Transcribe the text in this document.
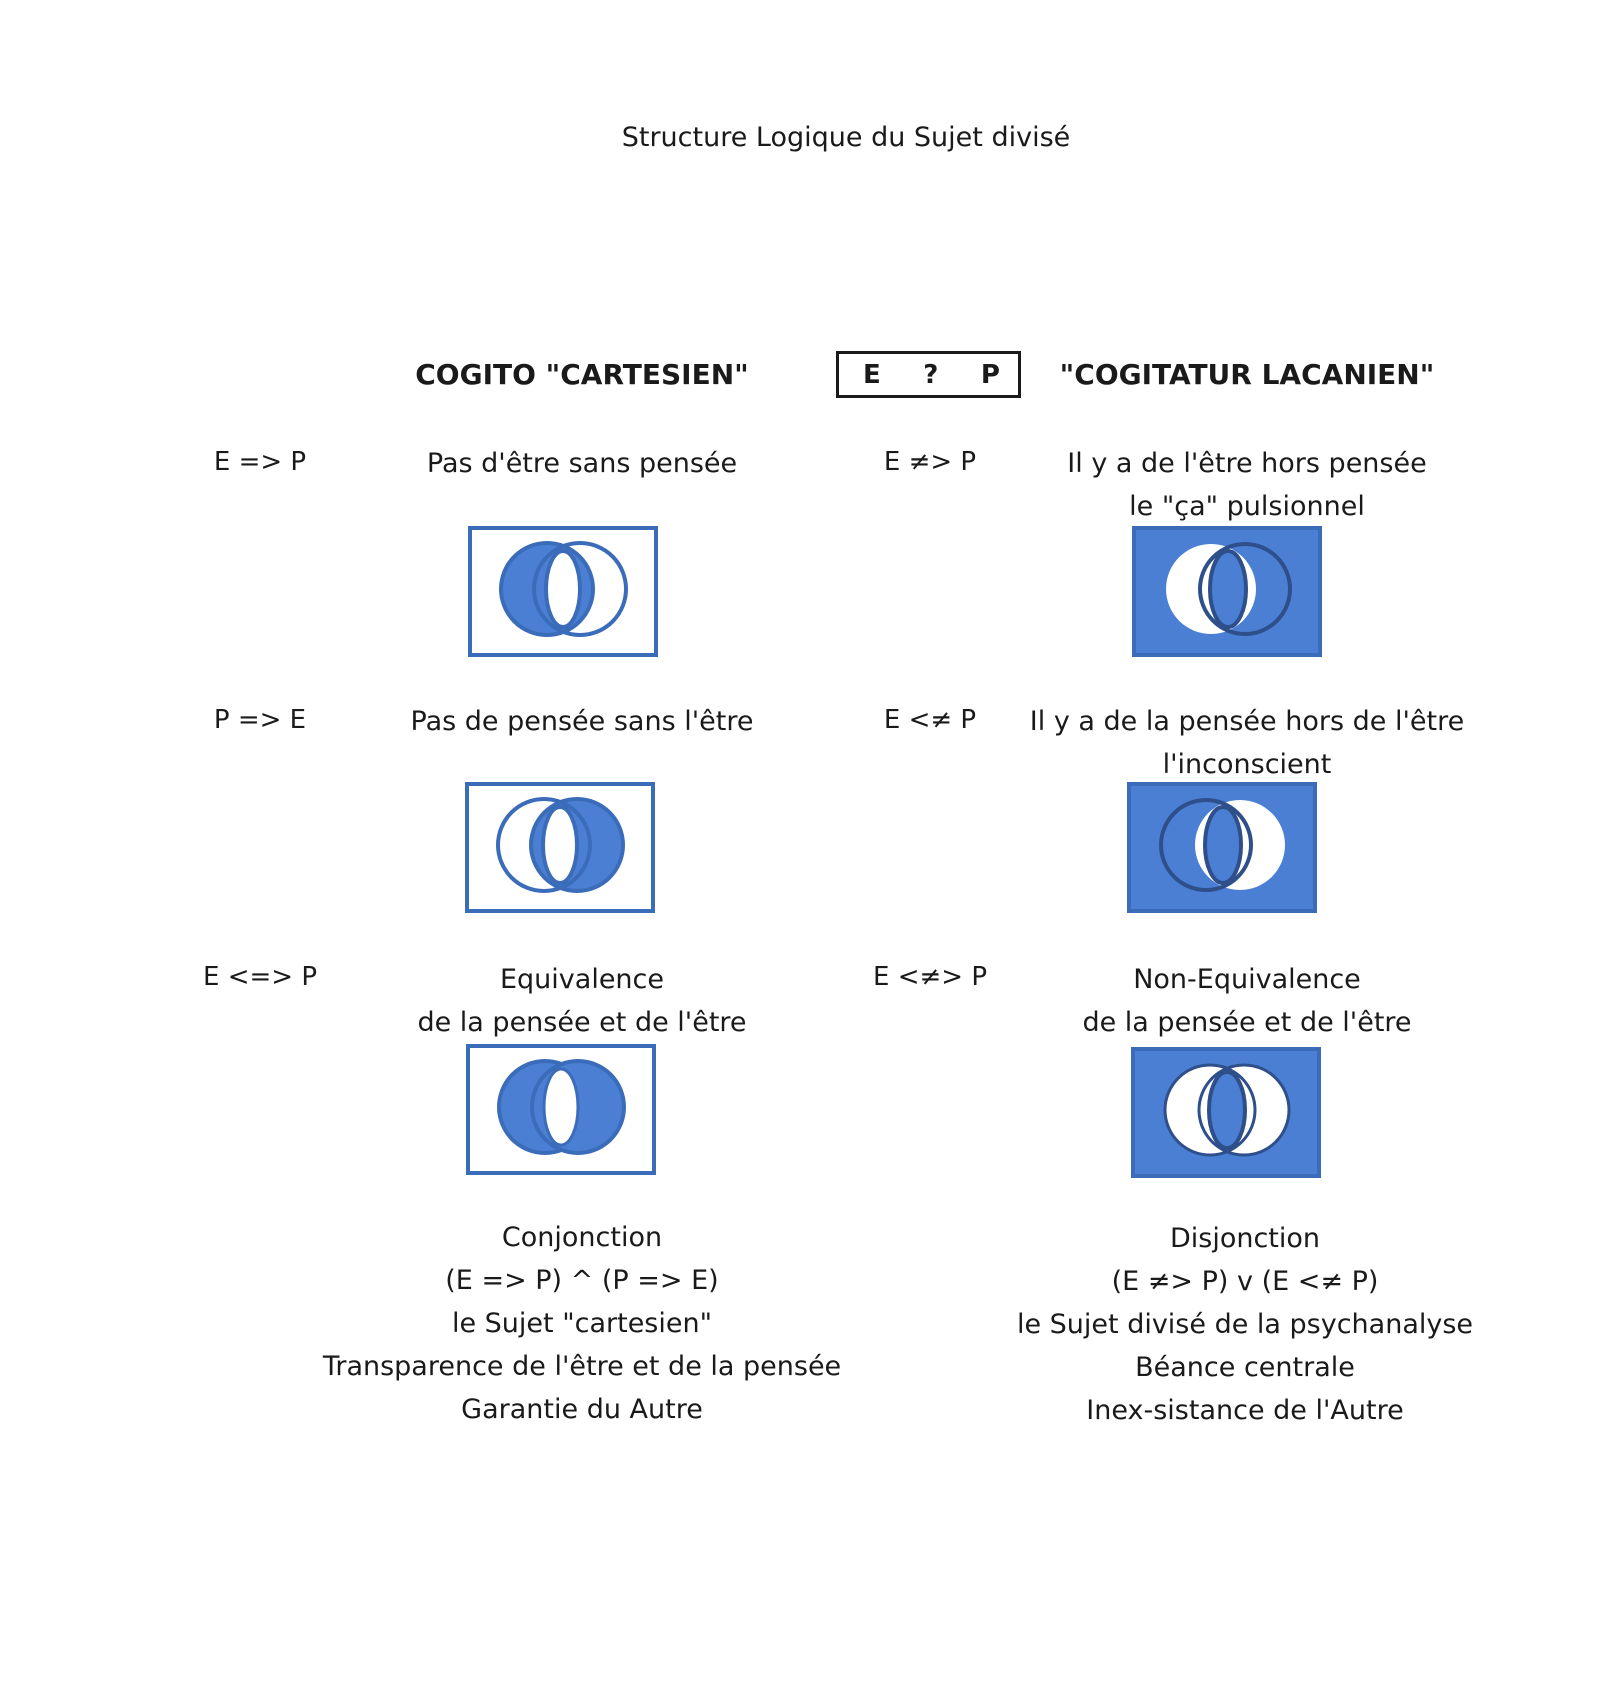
Structure Logique du Sujet divisé
COGITO "CARTESIEN"	E ? P "COGITATUR LACANIEN"
E => P	Pas d'être sans pensée	E ≠> P	Il y a de l'être hors pensée
le "ça" pulsionnel
P => E	Pas de pensée sans l'être	E <≠ P Il y a de la pensée hors de l'être
l'inconscient
E <=> P	Equivalence
de la pensée et de l'être
E <≠> P	Non-Equivalence
de la pensée et de l'être
Conjonction
(E => P) ^ (P => E)
le Sujet "cartesien"
Transparence de l'être et de la pensée
Garantie du Autre
Disjonction
(E ≠> P) v (E <≠ P)
le Sujet divisé de la psychanalyse
Béance centrale
Inex-sistance de l'Autre
